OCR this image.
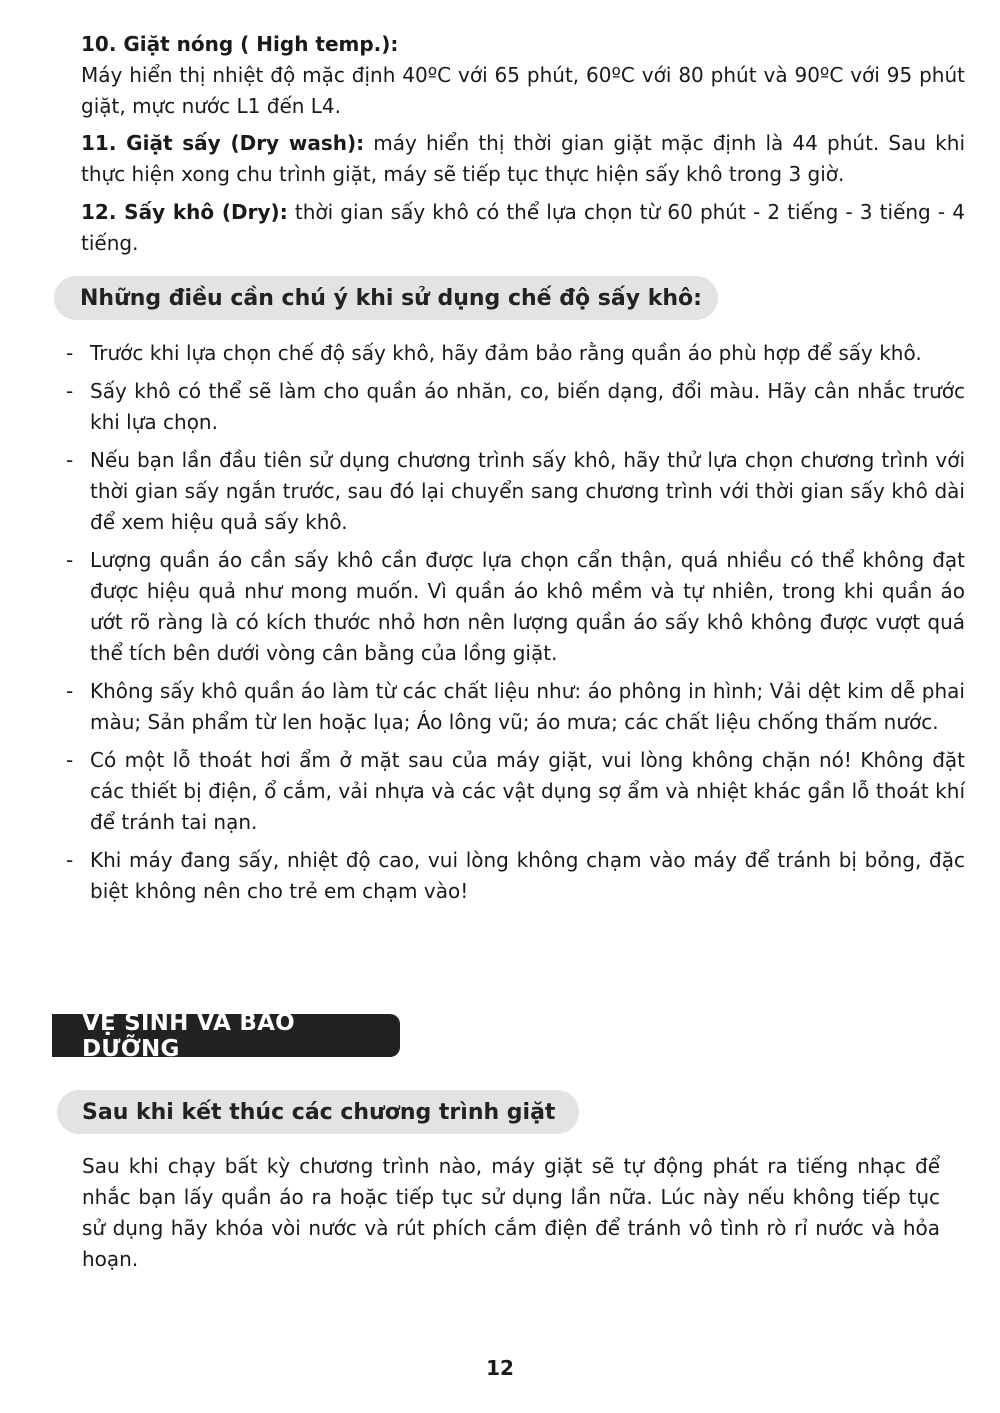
10. Giặt nóng ( High temp.):
Máy hiển thị nhiệt độ mặc định 40ºC với 65 phút, 60ºC với 80 phút và 90ºC với 95 phút giặt, mực nước L1 đến L4.

11. Giặt sấy (Dry wash): máy hiển thị thời gian giặt mặc định là 44 phút. Sau khi thực hiện xong chu trình giặt, máy sẽ tiếp tục thực hiện sấy khô trong 3 giờ.

12. Sấy khô (Dry): thời gian sấy khô có thể lựa chọn từ 60 phút - 2 tiếng - 3 tiếng - 4 tiếng.

Những điều cần chú ý khi sử dụng chế độ sấy khô:
- Trước khi lựa chọn chế độ sấy khô, hãy đảm bảo rằng quần áo phù hợp để sấy khô.
- Sấy khô có thể sẽ làm cho quần áo nhăn, co, biến dạng, đổi màu. Hãy cân nhắc trước khi lựa chọn.
- Nếu bạn lần đầu tiên sử dụng chương trình sấy khô, hãy thử lựa chọn chương trình với thời gian sấy ngắn trước, sau đó lại chuyển sang chương trình với thời gian sấy khô dài để xem hiệu quả sấy khô.
- Lượng quần áo cần sấy khô cần được lựa chọn cẩn thận, quá nhiều có thể không đạt được hiệu quả như mong muốn. Vì quần áo khô mềm và tự nhiên, trong khi quần áo ướt rõ ràng là có kích thước nhỏ hơn nên lượng quần áo sấy khô không được vượt quá thể tích bên dưới vòng cân bằng của lồng giặt.
- Không sấy khô quần áo làm từ các chất liệu như: áo phông in hình; Vải dệt kim dễ phai màu; Sản phẩm từ len hoặc lụa; Áo lông vũ; áo mưa; các chất liệu chống thấm nước.
- Có một lỗ thoát hơi ẩm ở mặt sau của máy giặt, vui lòng không chặn nó! Không đặt các thiết bị điện, ổ cắm, vải nhựa và các vật dụng sợ ẩm và nhiệt khác gần lỗ thoát khí để tránh tai nạn.
- Khi máy đang sấy, nhiệt độ cao, vui lòng không chạm vào máy để tránh bị bỏng, đặc biệt không nên cho trẻ em chạm vào!
VỆ SINH VÀ BẢO DƯỠNG
Sau khi kết thúc các chương trình giặt

Sau khi chạy bất kỳ chương trình nào, máy giặt sẽ tự động phát ra tiếng nhạc để nhắc bạn lấy quần áo ra hoặc tiếp tục sử dụng lần nữa. Lúc này nếu không tiếp tục sử dụng hãy khóa vòi nước và rút phích cắm điện để tránh vô tình rò rỉ nước và hỏa hoạn.

12
